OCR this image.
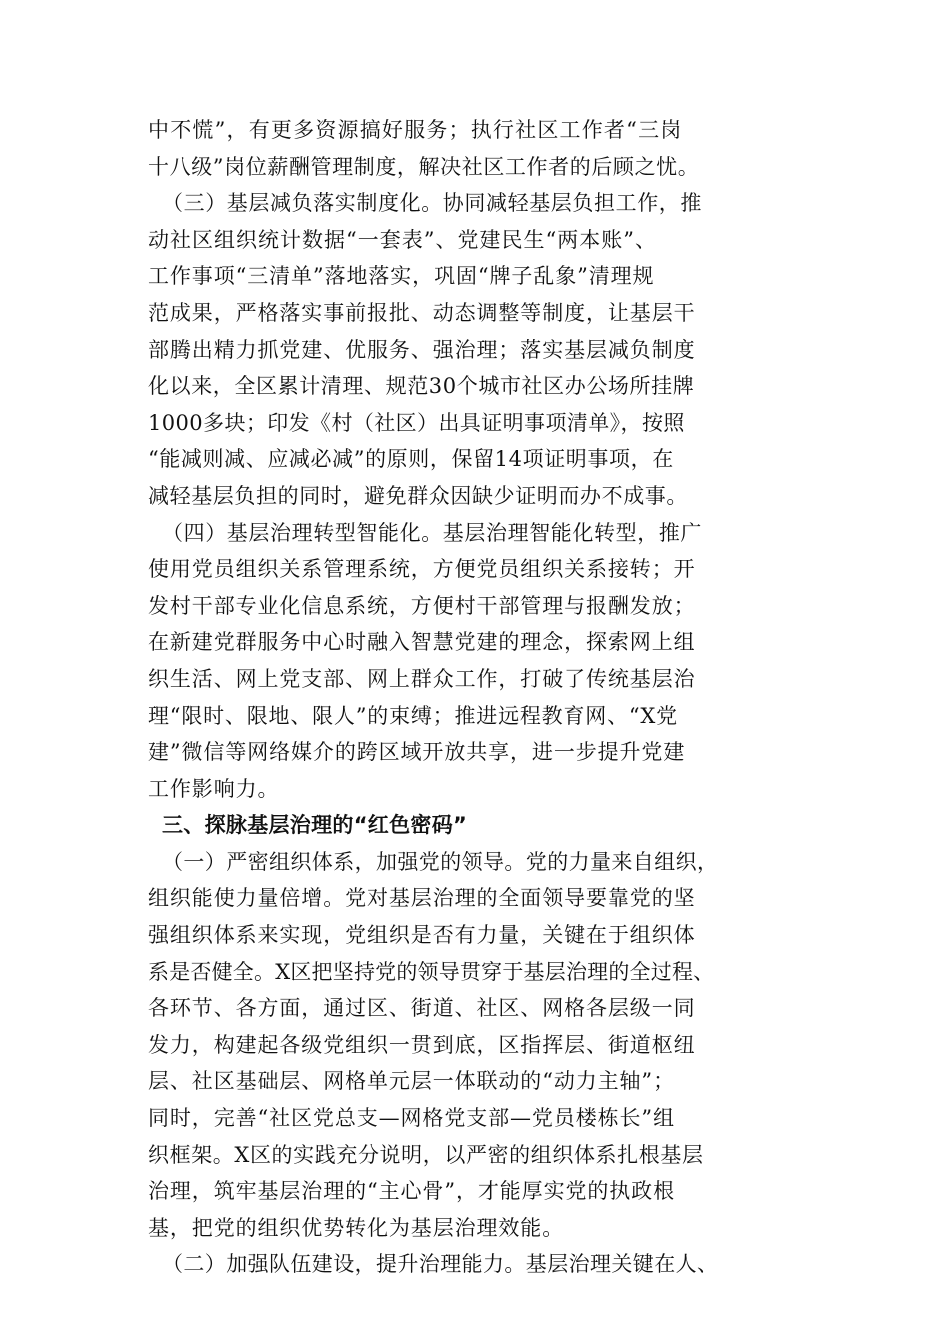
中不慌”，有更多资源搞好服务；执行社区工作者“三岗
十八级”岗位薪酬管理制度，解决社区工作者的后顾之忧。
（三）基层减负落实制度化。协同减轻基层负担工作，推
动社区组织统计数据“一套表”、党建民生“两本账”、
工作事项“三清单”落地落实，巩固“牌子乱象”清理规
范成果，严格落实事前报批、动态调整等制度，让基层干
部腾出精力抓党建、优服务、强治理；落实基层减负制度
化以来，全区累计清理、规范30个城市社区办公场所挂牌
1000多块；印发《村（社区）出具证明事项清单》，按照
“能减则减、应减必减”的原则，保留14项证明事项，在
减轻基层负担的同时，避免群众因缺少证明而办不成事。
（四）基层治理转型智能化。基层治理智能化转型，推广
使用党员组织关系管理系统，方便党员组织关系接转；开
发村干部专业化信息系统，方便村干部管理与报酬发放；
在新建党群服务中心时融入智慧党建的理念，探索网上组
织生活、网上党支部、网上群众工作，打破了传统基层治
理“限时、限地、限人”的束缚；推进远程教育网、“X党
建”微信等网络媒介的跨区域开放共享，进一步提升党建
工作影响力。
三、探脉基层治理的“红色密码”
（一）严密组织体系，加强党的领导。党的力量来自组织，
组织能使力量倍增。党对基层治理的全面领导要靠党的坚
强组织体系来实现，党组织是否有力量，关键在于组织体
系是否健全。X区把坚持党的领导贯穿于基层治理的全过程、
各环节、各方面，通过区、街道、社区、网格各层级一同
发力，构建起各级党组织一贯到底，区指挥层、街道枢纽
层、社区基础层、网格单元层一体联动的“动力主轴”；
同时，完善“社区党总支—网格党支部—党员楼栋长”组
织框架。X区的实践充分说明，以严密的组织体系扎根基层
治理，筑牢基层治理的“主心骨”，才能厚实党的执政根
基，把党的组织优势转化为基层治理效能。
（二）加强队伍建设，提升治理能力。基层治理关键在人、
